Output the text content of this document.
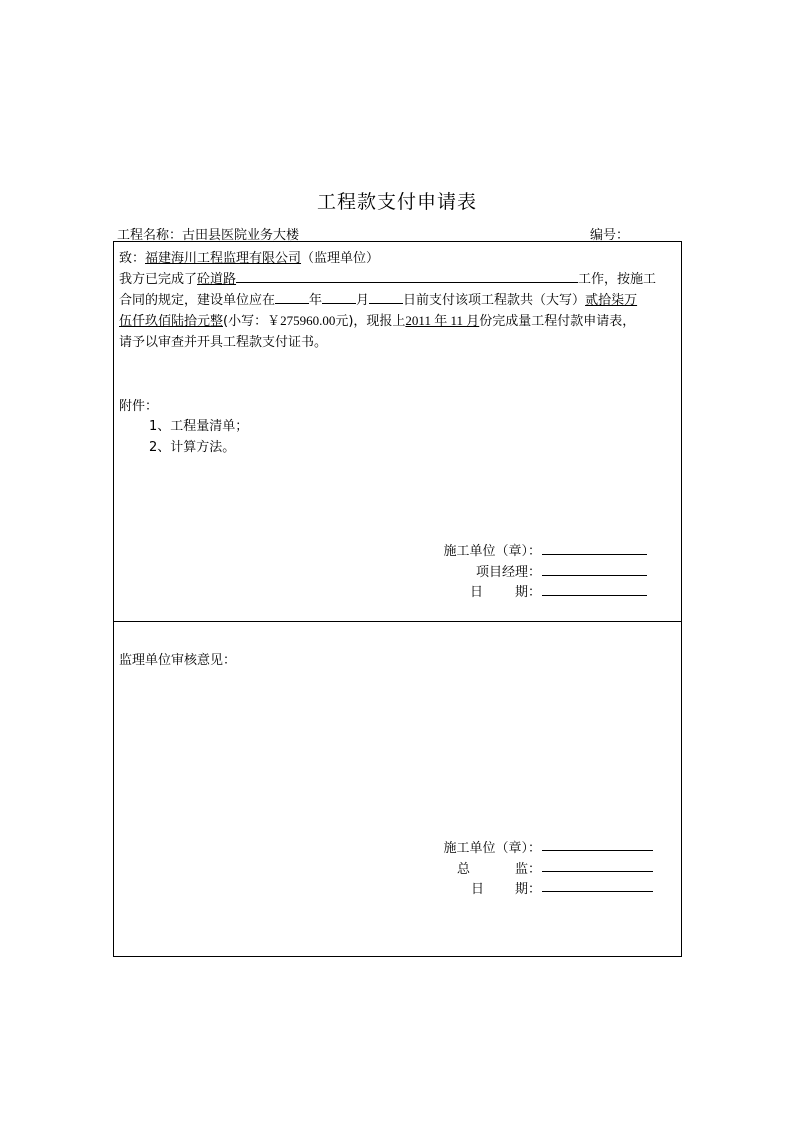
工程款支付申请表
工程名称：古田县医院业务大楼	编号：
致：福建海川工程监理有限公司（监理单位）
我方已完成了砼道路	工作，按施工
合同的规定，建设单位应在	年	月	日前支付该项工程款共（大写）贰拾柒万
伍仟玖佰陆拾元整(小写：￥275960.00元)，现报上2011 年 11 月份完成量工程付款申请表，
请予以审查并开具工程款支付证书。
附件：
1、工程量清单；
2、计算方法。
施工单位（章）：
项目经理：
日 期：
监理单位审核意见：
施工单位（章）：
总	监：
日 期：
